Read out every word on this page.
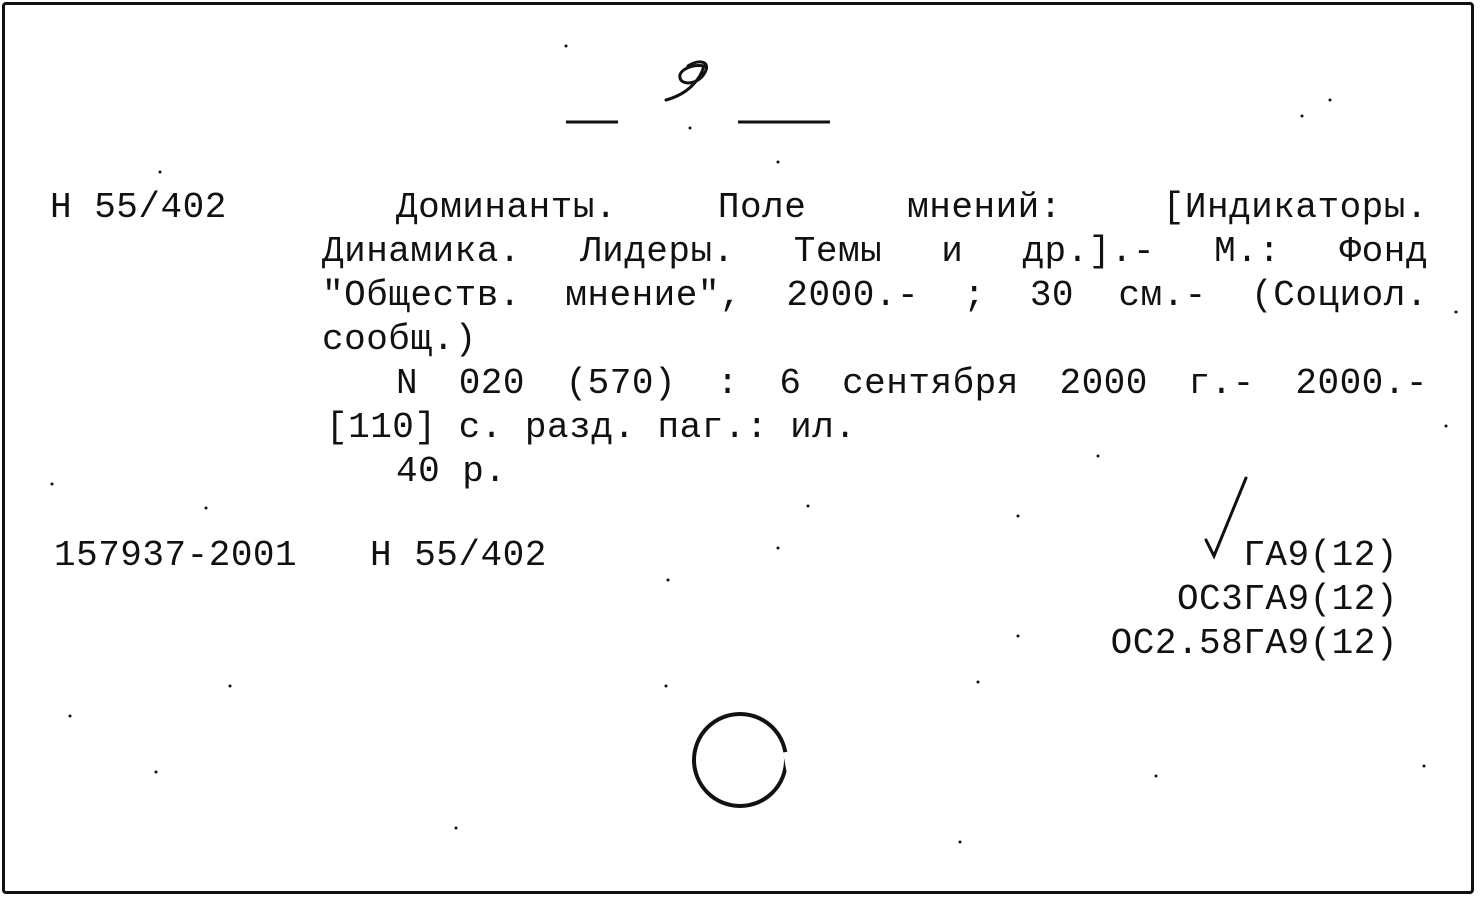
Н 55/402	Доминанты.	Поле	мнений:	[Индикаторы.
Динамика. Лидеры. Темы и др.].- М.: Фонд
"Обществ. мнение", 2000.- ; 30 см.- (Социол.
сообщ.)
N 020 (570) : 6 сентября 2000 г.- 2000.-
[110] с. разд. паг.: ил.
40 р.
157937-2001 Н 55/402	ГА9(12)
ОС3ГА9(12)
ОС2.58ГА9(12)
